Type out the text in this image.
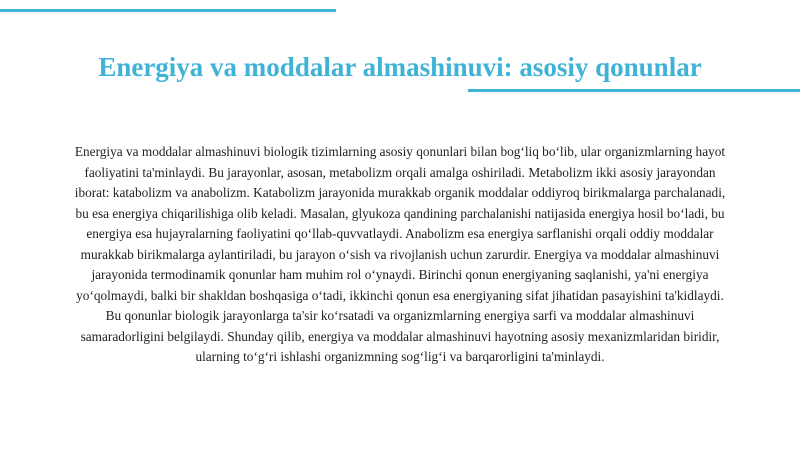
Energiya va moddalar almashinuvi: asosiy qonunlar

Energiya va moddalar almashinuvi biologik tizimlarning asosiy qonunlari bilan bog‘liq bo‘lib, ular organizmlarning hayot faoliyatini ta'minlaydi. Bu jarayonlar, asosan, metabolizm orqali amalga oshiriladi. Metabolizm ikki asosiy jarayondan iborat: katabolizm va anabolizm. Katabolizm jarayonida murakkab organik moddalar oddiyroq birikmalarga parchalanadi, bu esa energiya chiqarilishiga olib keladi. Masalan, glyukoza qandining parchalanishi natijasida energiya hosil bo‘ladi, bu energiya esa hujayralarning faoliyatini qo‘llab-quvvatlaydi. Anabolizm esa energiya sarflanishi orqali oddiy moddalar murakkab birikmalarga aylantiriladi, bu jarayon o‘sish va rivojlanish uchun zarurdir. Energiya va moddalar almashinuvi jarayonida termodinamik qonunlar ham muhim rol o‘ynaydi. Birinchi qonun energiyaning saqlanishi, ya'ni energiya yo‘qolmaydi, balki bir shakldan boshqasiga o‘tadi, ikkinchi qonun esa energiyaning sifat jihatidan pasayishini ta'kidlaydi. Bu qonunlar biologik jarayonlarga ta'sir ko‘rsatadi va organizmlarning energiya sarfi va moddalar almashinuvi samaradorligini belgilaydi. Shunday qilib, energiya va moddalar almashinuvi hayotning asosiy mexanizmlaridan biridir, ularning to‘g‘ri ishlashi organizmning sog‘lig‘i va barqarorligini ta'minlaydi.
